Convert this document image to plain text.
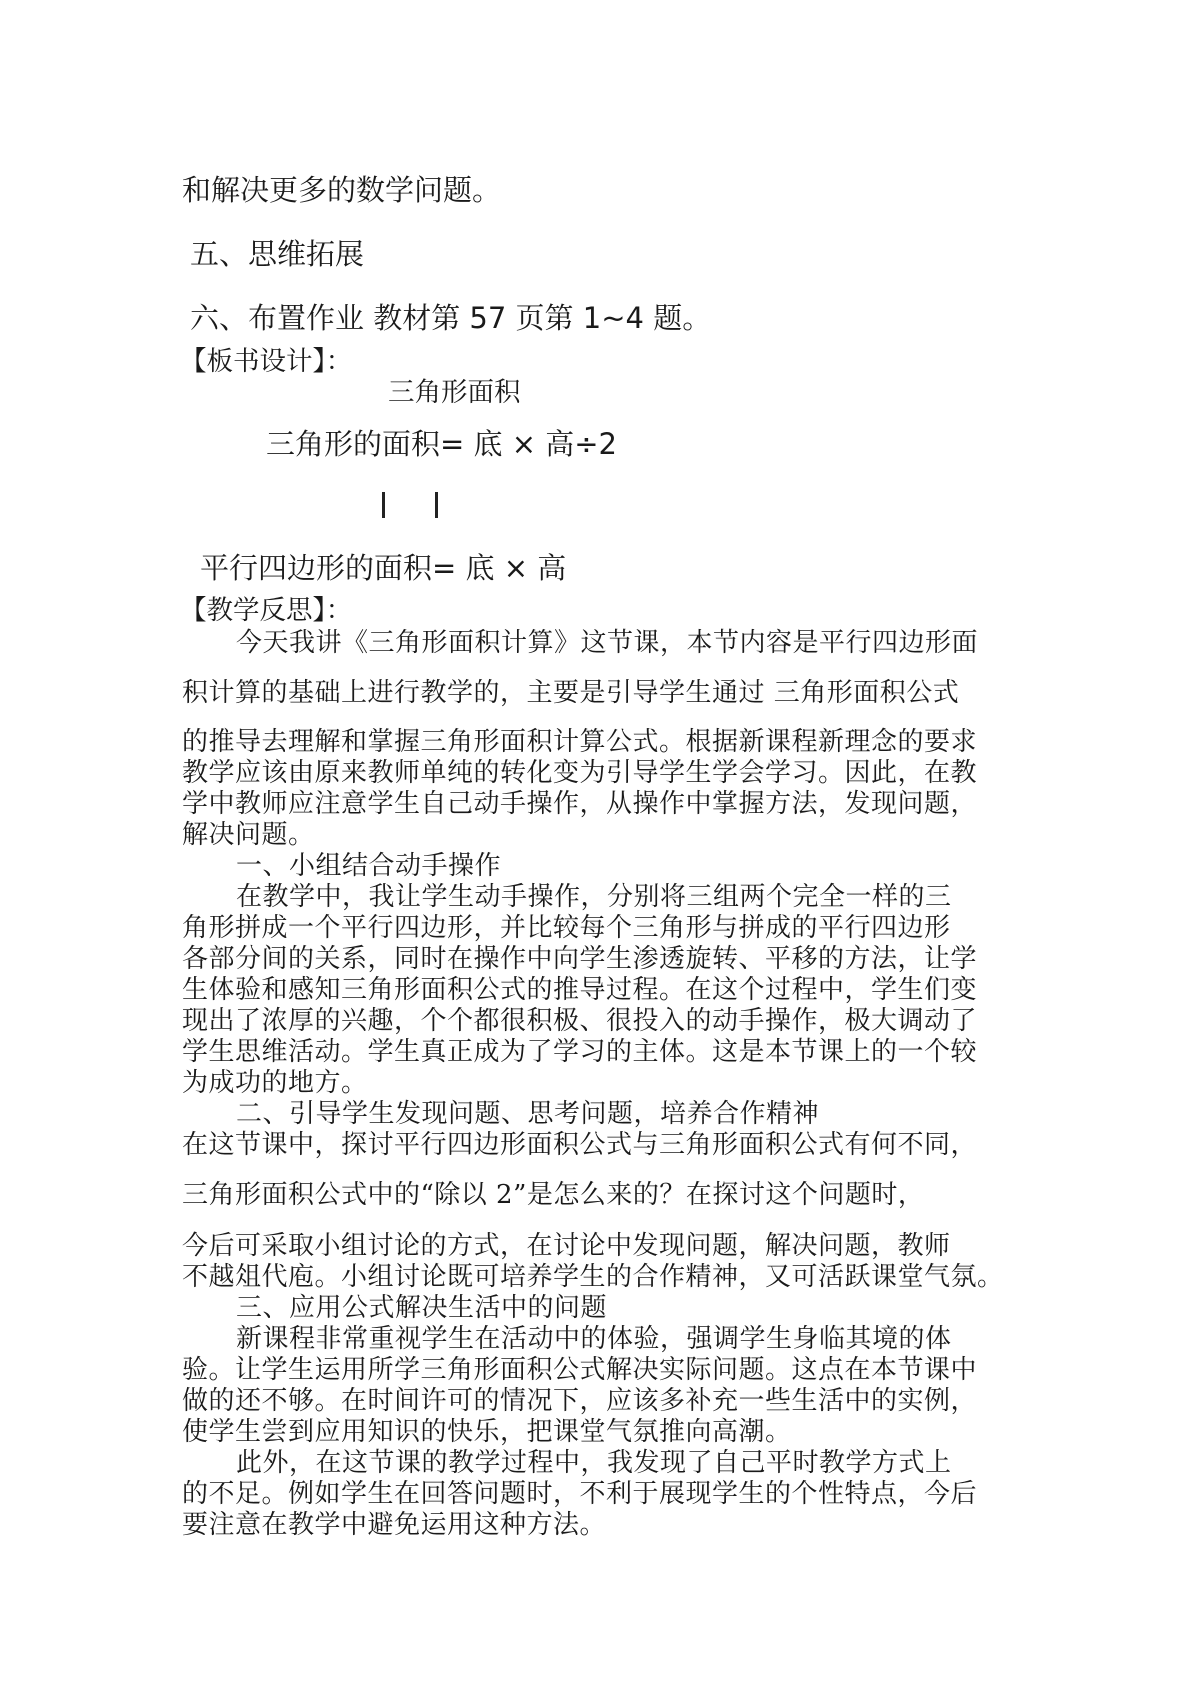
和解决更多的数学问题。
五、思维拓展
六、布置作业 教材第 57 页第 1~4 题。
【板书设计】：
三角形面积
三角形的面积= 底 × 高÷2
平行四边形的面积= 底 × 高
【教学反思】：
今天我讲《三角形面积计算》这节课，本节内容是平行四边形面
积计算的基础上进行教学的，主要是引导学生通过 三角形面积公式
的推导去理解和掌握三角形面积计算公式。根据新课程新理念的要求
教学应该由原来教师单纯的转化变为引导学生学会学习。因此，在教
学中教师应注意学生自己动手操作，从操作中掌握方法，发现问题，
解决问题。
一、小组结合动手操作
在教学中，我让学生动手操作，分别将三组两个完全一样的三
角形拼成一个平行四边形，并比较每个三角形与拼成的平行四边形
各部分间的关系，同时在操作中向学生渗透旋转、平移的方法，让学
生体验和感知三角形面积公式的推导过程。在这个过程中，学生们变
现出了浓厚的兴趣，个个都很积极、很投入的动手操作，极大调动了
学生思维活动。学生真正成为了学习的主体。这是本节课上的一个较
为成功的地方。
二、引导学生发现问题、思考问题，培养合作精神
在这节课中，探讨平行四边形面积公式与三角形面积公式有何不同，
三角形面积公式中的“除以 2”是怎么来的？在探讨这个问题时，
今后可采取小组讨论的方式，在讨论中发现问题，解决问题，教师
不越俎代庖。小组讨论既可培养学生的合作精神，又可活跃课堂气氛。
三、应用公式解决生活中的问题
新课程非常重视学生在活动中的体验，强调学生身临其境的体
验。让学生运用所学三角形面积公式解决实际问题。这点在本节课中
做的还不够。在时间许可的情况下，应该多补充一些生活中的实例，
使学生尝到应用知识的快乐，把课堂气氛推向高潮。
此外，在这节课的教学过程中，我发现了自己平时教学方式上
的不足。例如学生在回答问题时，不利于展现学生的个性特点，今后
要注意在教学中避免运用这种方法。
